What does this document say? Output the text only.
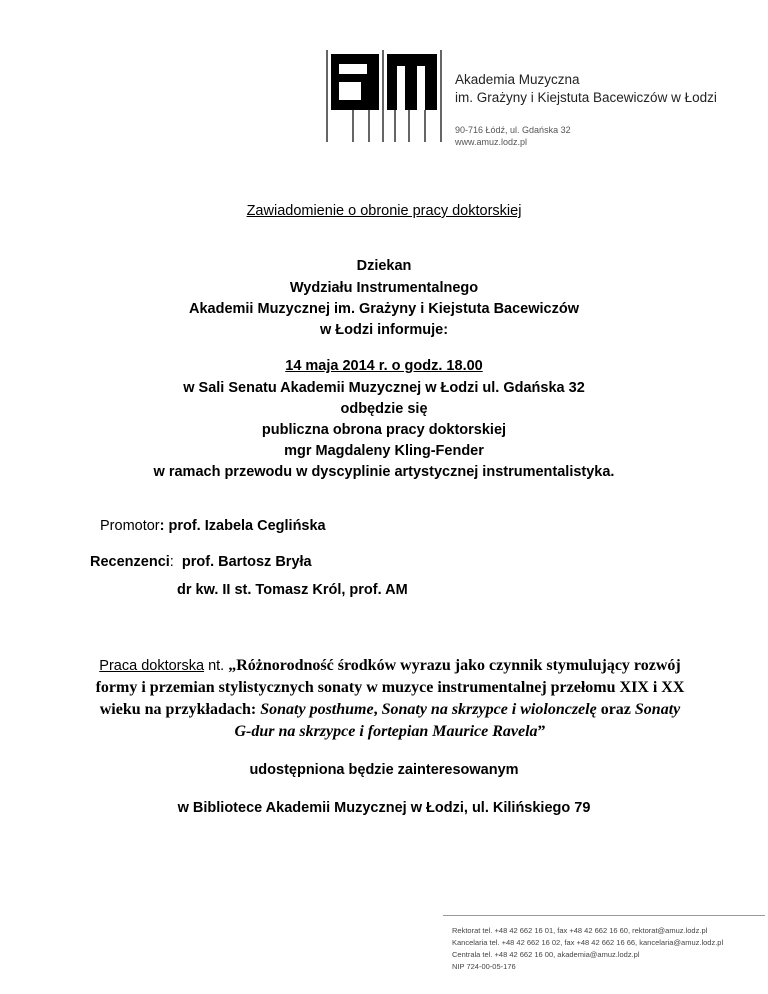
Akademia Muzyczna
im. Grażyny i Kiejstuta Bacewiczów w Łodzi
90-716 Łódź, ul. Gdańska 32
www.amuz.lodz.pl
Zawiadomienie o obronie pracy doktorskiej
Dziekan
Wydziału Instrumentalnego
Akademii Muzycznej im. Grażyny i Kiejstuta Bacewiczów
w Łodzi informuje:
14 maja 2014 r. o godz. 18.00
w Sali Senatu Akademii Muzycznej w Łodzi ul. Gdańska 32
odbędzie się
publiczna obrona pracy doktorskiej
mgr Magdaleny Kling-Fender
w ramach przewodu w dyscyplinie artystycznej instrumentalistyka.
Promotor: prof. Izabela Ceglińska
Recenzenci: prof. Bartosz Bryła
dr kw. II st. Tomasz Król, prof. AM
Praca doktorska nt. „Różnorodność środków wyrazu jako czynnik stymulujący rozwój formy i przemian stylistycznych sonaty w muzyce instrumentalnej przełomu XIX i XX wieku na przykładach: Sonaty posthume, Sonaty na skrzypce i wiolonczelę oraz Sonaty G-dur na skrzypce i fortepian Maurice Ravela”
udostępniona będzie zainteresowanym
w Bibliotece Akademii Muzycznej w Łodzi, ul. Kilińskiego 79
Rektorat tel. +48 42 662 16 01, fax +48 42 662 16 60, rektorat@amuz.lodz.pl
Kancelaria tel. +48 42 662 16 02, fax +48 42 662 16 66, kancelaria@amuz.lodz.pl
Centrala tel. +48 42 662 16 00, akademia@amuz.lodz.pl
NIP 724-00-05-176
